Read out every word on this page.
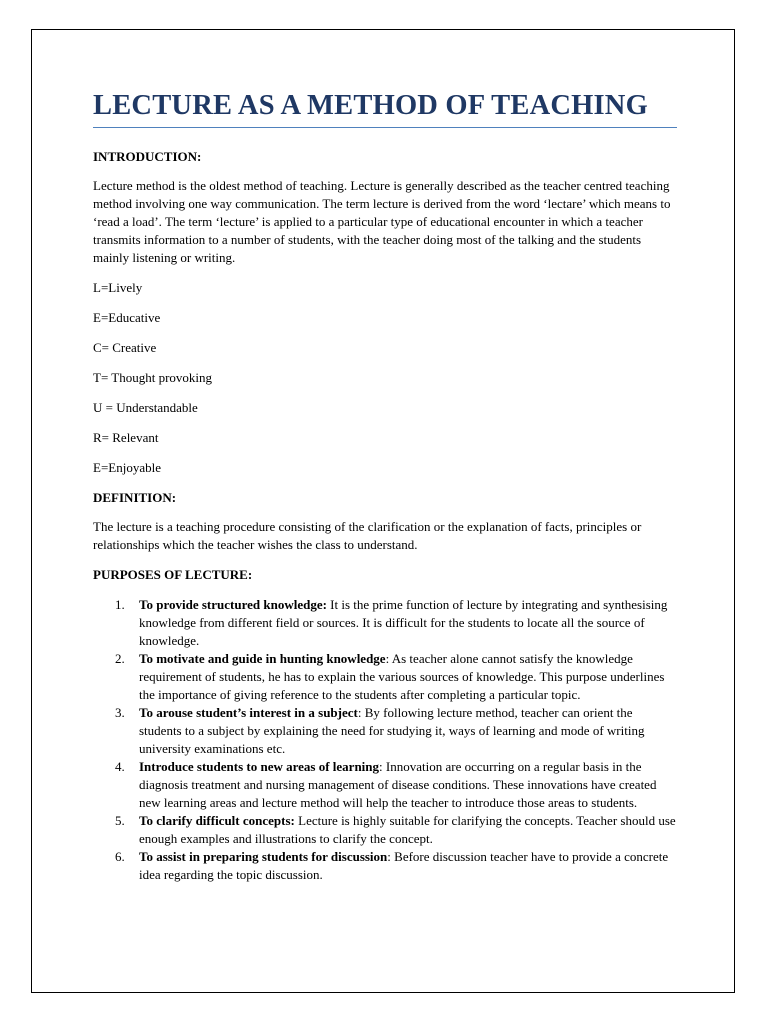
LECTURE AS A METHOD OF TEACHING
INTRODUCTION:
Lecture method is the oldest method of teaching. Lecture is generally described as the teacher centred teaching method involving one way communication. The term lecture is derived from the word ‘lectare’ which means to ‘read a load’. The term ‘lecture’ is applied to a particular type of educational encounter in which a teacher transmits information to a number of students, with the teacher doing most of the talking and the students mainly listening or writing.
L=Lively
E=Educative
C= Creative
T= Thought provoking
U = Understandable
R= Relevant
E=Enjoyable
DEFINITION:
The lecture is a teaching procedure consisting of the clarification or the explanation of facts, principles or relationships which the teacher wishes the class to understand.
PURPOSES OF LECTURE:
1. To provide structured knowledge: It is the prime function of lecture by integrating and synthesising knowledge from different field or sources. It is difficult for the students to locate all the source of knowledge.
2. To motivate and guide in hunting knowledge: As teacher alone cannot satisfy the knowledge requirement of students, he has to explain the various sources of knowledge. This purpose underlines the importance of giving reference to the students after completing a particular topic.
3. To arouse student’s interest in a subject: By following lecture method, teacher can orient the students to a subject by explaining the need for studying it, ways of learning and mode of writing university examinations etc.
4. Introduce students to new areas of learning: Innovation are occurring on a regular basis in the diagnosis treatment and nursing management of disease conditions. These innovations have created new learning areas and lecture method will help the teacher to introduce those areas to students.
5. To clarify difficult concepts: Lecture is highly suitable for clarifying the concepts. Teacher should use enough examples and illustrations to clarify the concept.
6. To assist in preparing students for discussion: Before discussion teacher have to provide a concrete idea regarding the topic discussion.
